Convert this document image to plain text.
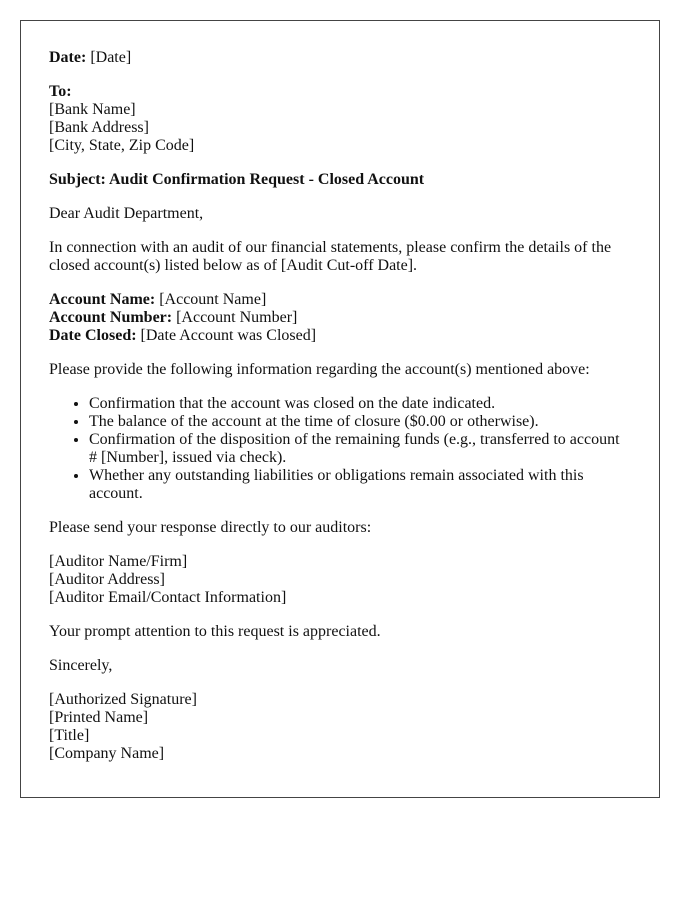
Date: [Date]

To:
[Bank Name]
[Bank Address]
[City, State, Zip Code]

Subject: Audit Confirmation Request - Closed Account

Dear Audit Department,

In connection with an audit of our financial statements, please confirm the details of the closed account(s) listed below as of [Audit Cut-off Date].

Account Name: [Account Name]
Account Number: [Account Number]
Date Closed: [Date Account was Closed]

Please provide the following information regarding the account(s) mentioned above:

• Confirmation that the account was closed on the date indicated.
• The balance of the account at the time of closure ($0.00 or otherwise).
• Confirmation of the disposition of the remaining funds (e.g., transferred to account # [Number], issued via check).
• Whether any outstanding liabilities or obligations remain associated with this account.

Please send your response directly to our auditors:

[Auditor Name/Firm]
[Auditor Address]
[Auditor Email/Contact Information]

Your prompt attention to this request is appreciated.

Sincerely,

[Authorized Signature]
[Printed Name]
[Title]
[Company Name]
